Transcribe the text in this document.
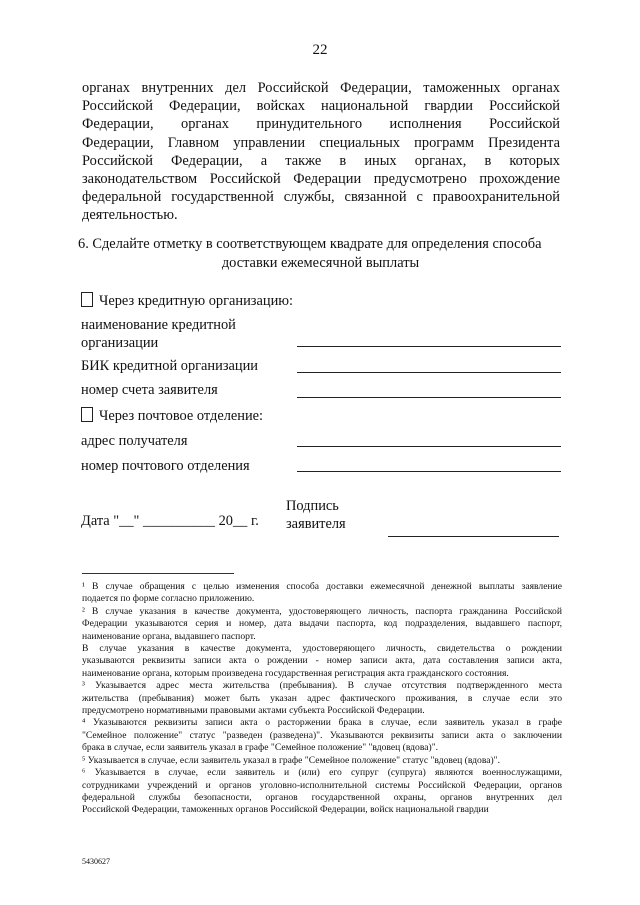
22
органах внутренних дел Российской Федерации, таможенных органах
Российской Федерации, войсках национальной гвардии Российской
Федерации, органах принудительного исполнения Российской
Федерации, Главном управлении специальных программ Президента
Российской Федерации, а также в иных органах, в которых
законодательством Российской Федерации предусмотрено прохождение
федеральной государственной службы, связанной с правоохранительной
деятельностью.
6. Сделайте отметку в соответствующем квадрате для определения способа
доставки ежемесячной выплаты
Через кредитную организацию:
наименование кредитной
организации
БИК кредитной организации
номер счета заявителя
Через почтовое отделение:
адрес получателя
номер почтового отделения
Дата "__" __________ 20__ г.
Подпись
заявителя

¹ В случае обращения с целью изменения способа доставки ежемесячной денежной выплаты заявление
подается по форме согласно приложению.

² В случае указания в качестве документа, удостоверяющего личность, паспорта гражданина Российской
Федерации указываются серия и номер, дата выдачи паспорта, код подразделения, выдавшего паспорт,
наименование органа, выдавшего паспорт.

В случае указания в качестве документа, удостоверяющего личность, свидетельства о рождении
указываются реквизиты записи акта о рождении - номер записи акта, дата составления записи акта,
наименование органа, которым произведена государственная регистрация акта гражданского состояния.

³ Указывается адрес места жительства (пребывания). В случае отсутствия подтвержденного места
жительства (пребывания) может быть указан адрес фактического проживания, в случае если это
предусмотрено нормативными правовыми актами субъекта Российской Федерации.

⁴ Указываются реквизиты записи акта о расторжении брака в случае, если заявитель указал в графе
"Семейное положение" статус "разведен (разведена)". Указываются реквизиты записи акта о заключении
брака в случае, если заявитель указал в графе "Семейное положение" "вдовец (вдова)".

⁵ Указывается в случае, если заявитель указал в графе "Семейное положение" статус "вдовец (вдова)".

⁶ Указывается в случае, если заявитель и (или) его супруг (супруга) являются военнослужащими,
сотрудниками учреждений и органов уголовно-исполнительной системы Российской Федерации, органов
федеральной службы безопасности, органов государственной охраны, органов внутренних дел
Российской Федерации, таможенных органов Российской Федерации, войск национальной гвардии

5430627
